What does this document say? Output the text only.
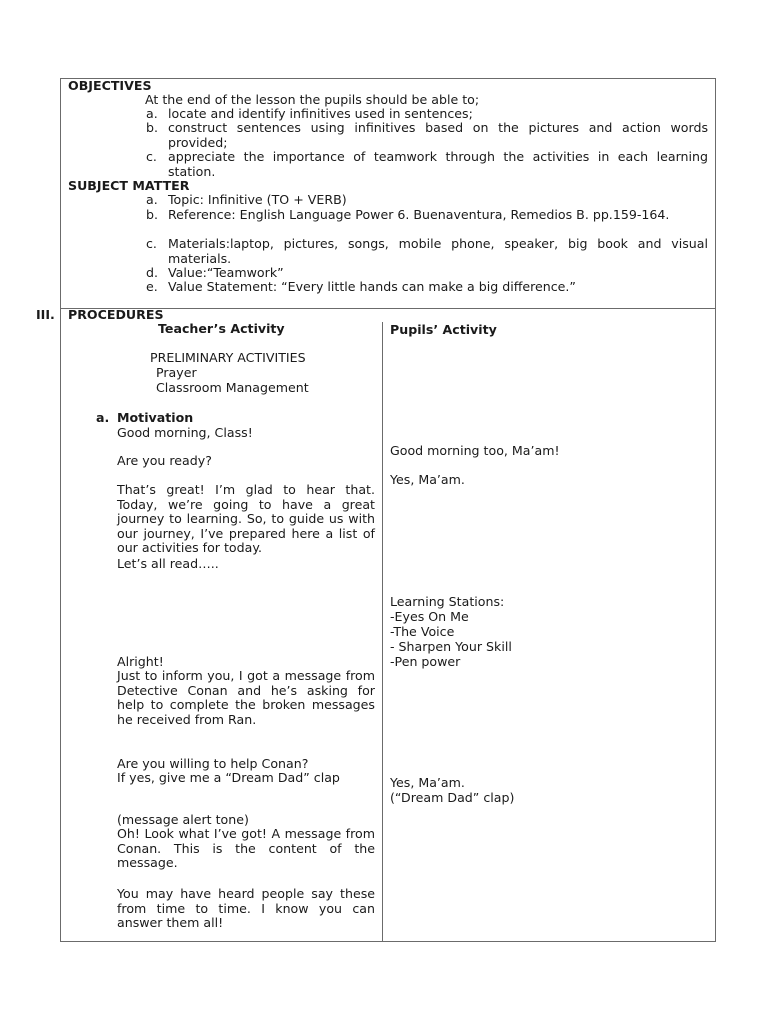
OBJECTIVES
At the end of the lesson the pupils should be able to;
a. locate and identify infinitives used in sentences;
b. construct sentences using infinitives based on the pictures and action words provided;
c. appreciate the importance of teamwork through the activities in each learning station.
SUBJECT MATTER
a. Topic: Infinitive (TO + VERB)
b. Reference: English Language Power 6. Buenaventura, Remedios B. pp.159-164.
c. Materials:laptop, pictures, songs, mobile phone, speaker, big book and visual materials.
d. Value:“Teamwork”
e. Value Statement: “Every little hands can make a big difference.”
III. PROCEDURES
Teacher’s Activity	Pupils’ Activity
PRELIMINARY ACTIVITIES
Prayer
Classroom Management
a. Motivation
Good morning, Class!
Are you ready?
That’s great! I’m glad to hear that. Today, we’re going to have a great journey to learning. So, to guide us with our journey, I’ve prepared here a list of our activities for today.
Let’s all read…..
Alright!
Just to inform you, I got a message from Detective Conan and he’s asking for help to complete the broken messages he received from Ran.
Are you willing to help Conan?
If yes, give me a “Dream Dad” clap
(message alert tone)
Oh! Look what I’ve got! A message from Conan. This is the content of the message.
You may have heard people say these from time to time. I know you can answer them all!
Good morning too, Ma’am!
Yes, Ma’am.
Learning Stations:
-Eyes On Me
-The Voice
- Sharpen Your Skill
-Pen power
Yes, Ma’am.
(“Dream Dad” clap)
